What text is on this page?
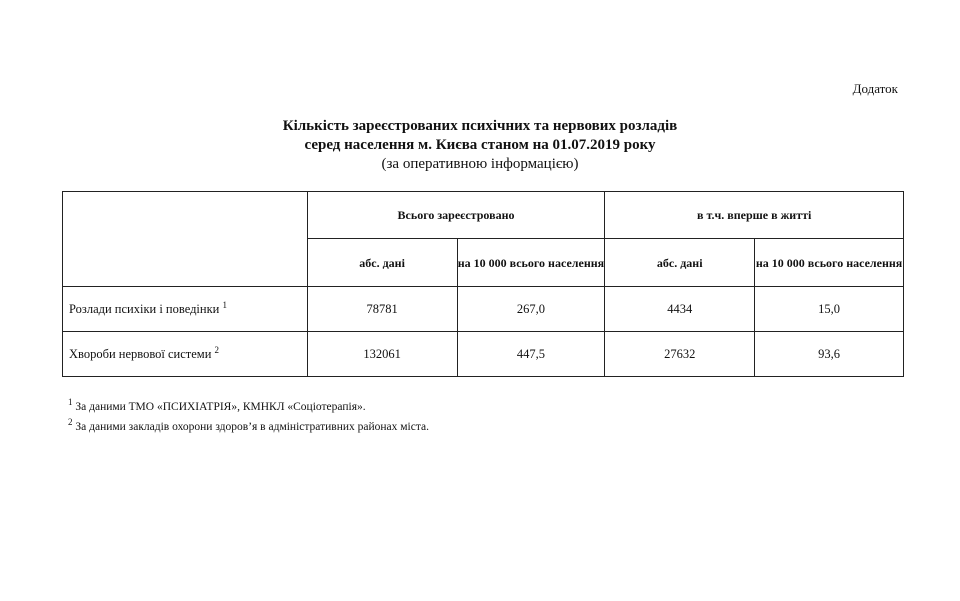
Додаток
Кількість зареєстрованих психічних та нервових розладів
серед населення м. Києва станом на 01.07.2019 року
(за оперативною інформацією)
	Всього зареєстровано		в т.ч. вперше в житті	
	абс. дані	на 10 000 всього населення	абс. дані	на 10 000 всього населення
Розлади психіки і поведінки $^1$	78781	267,0	4434	15,0
Хвороби нервової системи $^2$	132061	447,5	27632	93,6
$^1$ За даними ТМО «ПСИХІАТРІЯ», КМНКЛ «Соціотерапія».
$^2$ За даними закладів охорони здоров’я в адміністративних районах міста.
